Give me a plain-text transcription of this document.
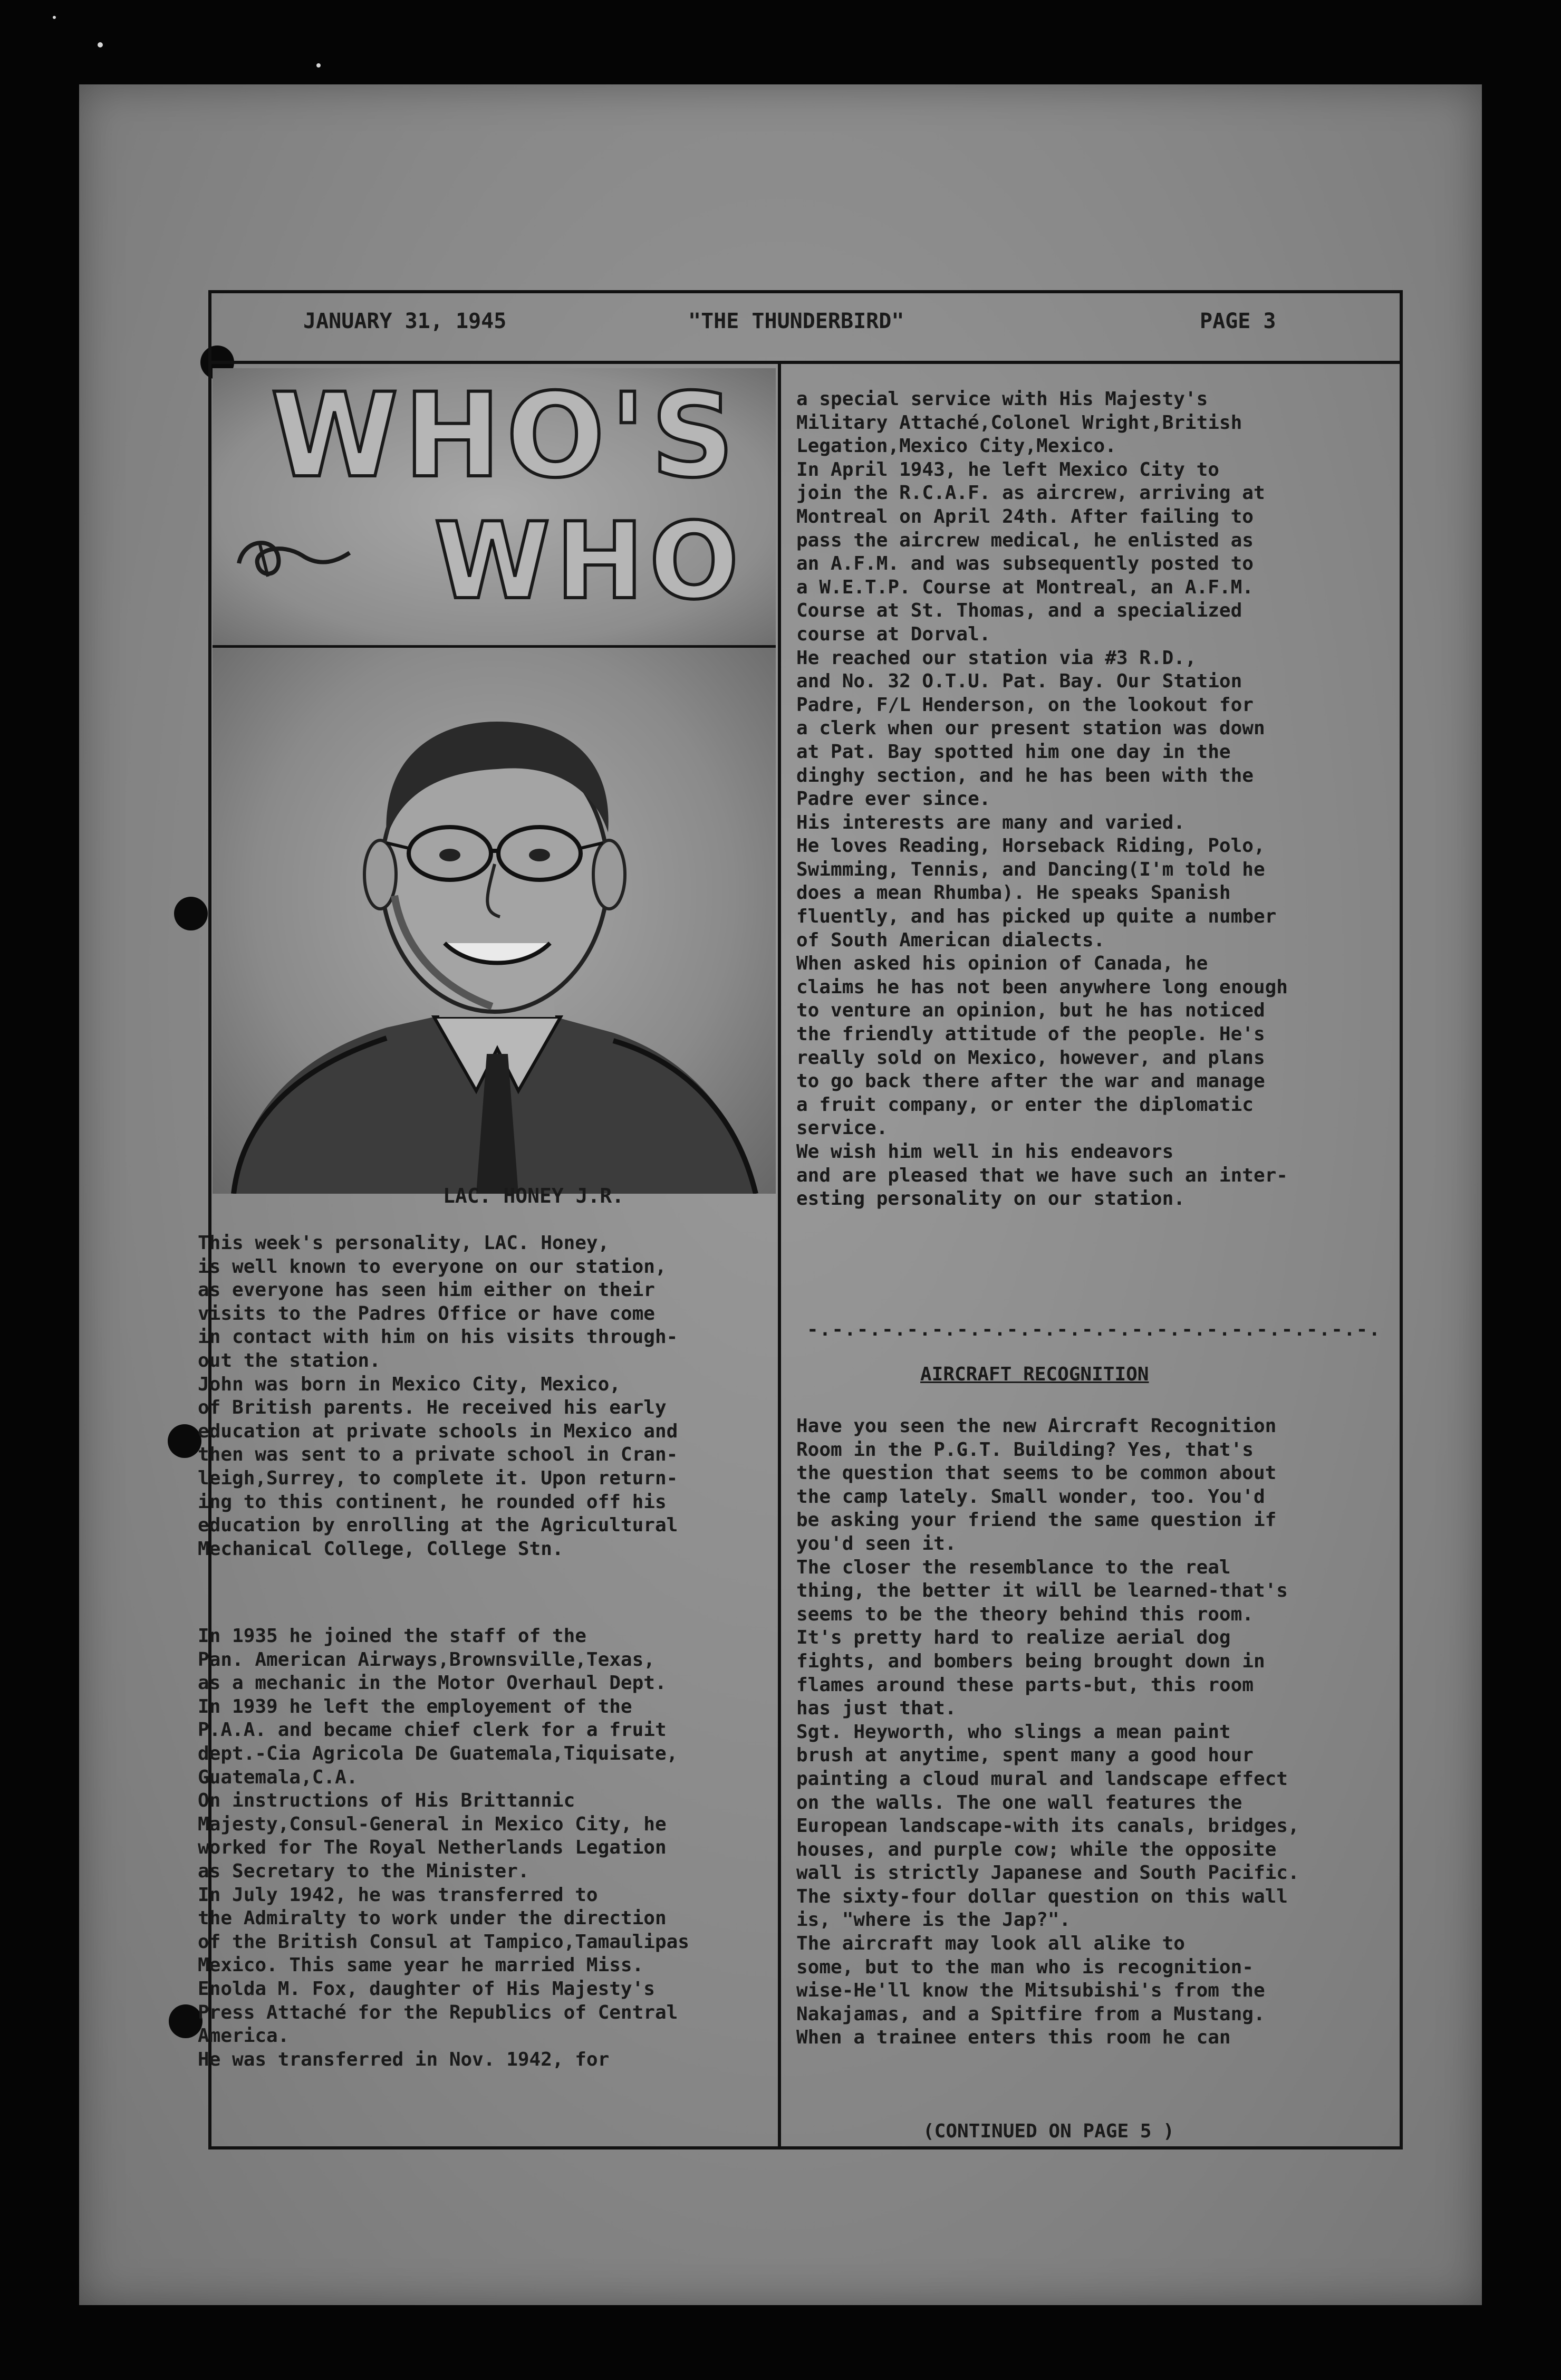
JANUARY 31, 1945	"THE THUNDERBIRD"	PAGE 3
WHO'S
WHO
LAC. HONEY J.R.

This week's personality, LAC. Honey,
is well known to everyone on our station,
as everyone has seen him either on their
visits to the Padres Office or have come
in contact with him on his visits through-
out the station.
John was born in Mexico City, Mexico,
of British parents. He received his early
education at private schools in Mexico and
then was sent to a private school in Cran-
leigh,Surrey, to complete it. Upon return-
ing to this continent, he rounded off his
education by enrolling at the Agricultural
Mechanical College, College Stn.

In 1935 he joined the staff of the
Pan. American Airways,Brownsville,Texas,
as a mechanic in the Motor Overhaul Dept.
In 1939 he left the employement of the
P.A.A. and became chief clerk for a fruit
dept.-Cia Agricola De Guatemala,Tiquisate,
Guatemala,C.A.
On instructions of His Brittannic
Majesty,Consul-General in Mexico City, he
worked for The Royal Netherlands Legation
as Secretary to the Minister.
In July 1942, he was transferred to
the Admiralty to work under the direction
of the British Consul at Tampico,Tamaulipas
Mexico. This same year he married Miss.
Enolda M. Fox, daughter of His Majesty's
Press Attaché for the Republics of Central
America.
He was transferred in Nov. 1942, for

a special service with His Majesty's
Military Attaché,Colonel Wright,British
Legation,Mexico City,Mexico.
In April 1943, he left Mexico City to
join the R.C.A.F. as aircrew, arriving at
Montreal on April 24th. After failing to
pass the aircrew medical, he enlisted as
an A.F.M. and was subsequently posted to
a W.E.T.P. Course at Montreal, an A.F.M.
Course at St. Thomas, and a specialized
course at Dorval.
He reached our station via #3 R.D.,
and No. 32 O.T.U. Pat. Bay. Our Station
Padre, F/L Henderson, on the lookout for
a clerk when our present station was down
at Pat. Bay spotted him one day in the
dinghy section, and he has been with the
Padre ever since.
His interests are many and varied.
He loves Reading, Horseback Riding, Polo,
Swimming, Tennis, and Dancing(I'm told he
does a mean Rhumba). He speaks Spanish
fluently, and has picked up quite a number
of South American dialects.
When asked his opinion of Canada, he
claims he has not been anywhere long enough
to venture an opinion, but he has noticed
the friendly attitude of the people. He's
really sold on Mexico, however, and plans
to go back there after the war and manage
a fruit company, or enter the diplomatic
service.
We wish him well in his endeavors
and are pleased that we have such an inter-
esting personality on our station.

-.-.-.-.-.-.-.-.-.-.-.-.-.-.-.-.-.-.-.-.-.-.-.
AIRCRAFT RECOGNITION

Have you seen the new Aircraft Recognition
Room in the P.G.T. Building? Yes, that's
the question that seems to be common about
the camp lately. Small wonder, too. You'd
be asking your friend the same question if
you'd seen it.
The closer the resemblance to the real
thing, the better it will be learned-that's
seems to be the theory behind this room.
It's pretty hard to realize aerial dog
fights, and bombers being brought down in
flames around these parts-but, this room
has just that.
Sgt. Heyworth, who slings a mean paint
brush at anytime, spent many a good hour
painting a cloud mural and landscape effect
on the walls. The one wall features the
European landscape-with its canals, bridges,
houses, and purple cow; while the opposite
wall is strictly Japanese and South Pacific.
The sixty-four dollar question on this wall
is, "where is the Jap?".
The aircraft may look all alike to
some, but to the man who is recognition-
wise-He'll know the Mitsubishi's from the
Nakajamas, and a Spitfire from a Mustang.
When a trainee enters this room he can

(CONTINUED ON PAGE 5 )
